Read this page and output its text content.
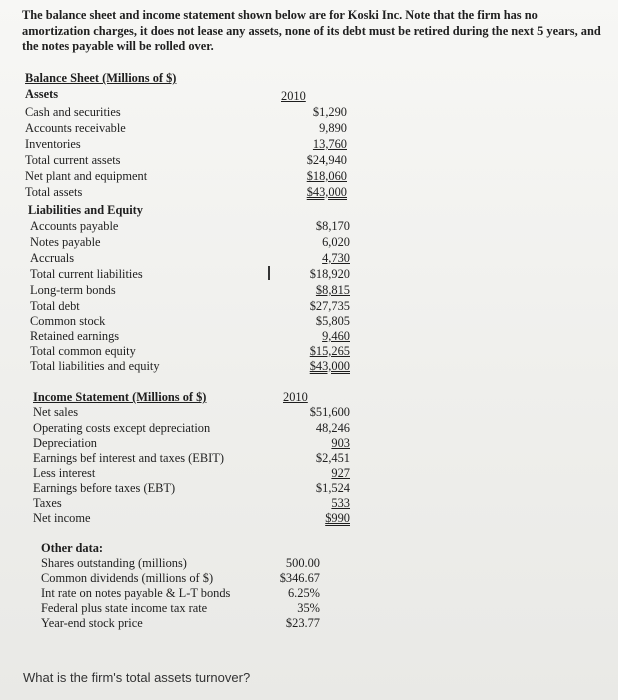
The balance sheet and income statement shown below are for Koski Inc. Note that the firm has no amortization charges, it does not lease any assets, none of its debt must be retired during the next 5 years, and the notes payable will be rolled over.
Balance Sheet (Millions of $)
Assets	2010
Cash and securities	$1,290
Accounts receivable	9,890
Inventories	13,760
Total current assets	$24,940
Net plant and equipment	$18,060
Total assets	$43,000
Liabilities and Equity
Accounts payable	$8,170
Notes payable	6,020
Accruals	4,730
Total current liabilities	$18,920
Long-term bonds	$8,815
Total debt	$27,735
Common stock	$5,805
Retained earnings	9,460
Total common equity	$15,265
Total liabilities and equity	$43,000
Income Statement (Millions of $)	2010
Net sales	$51,600
Operating costs except depreciation	48,246
Depreciation	903
Earnings bef interest and taxes (EBIT)	$2,451
Less interest	927
Earnings before taxes (EBT)	$1,524
Taxes	533
Net income	$990
Other data:
Shares outstanding (millions)	500.00
Common dividends (millions of $)	$346.67
Int rate on notes payable & L-T bonds	6.25%
Federal plus state income tax rate	35%
Year-end stock price	$23.77
What is the firm's total assets turnover?
